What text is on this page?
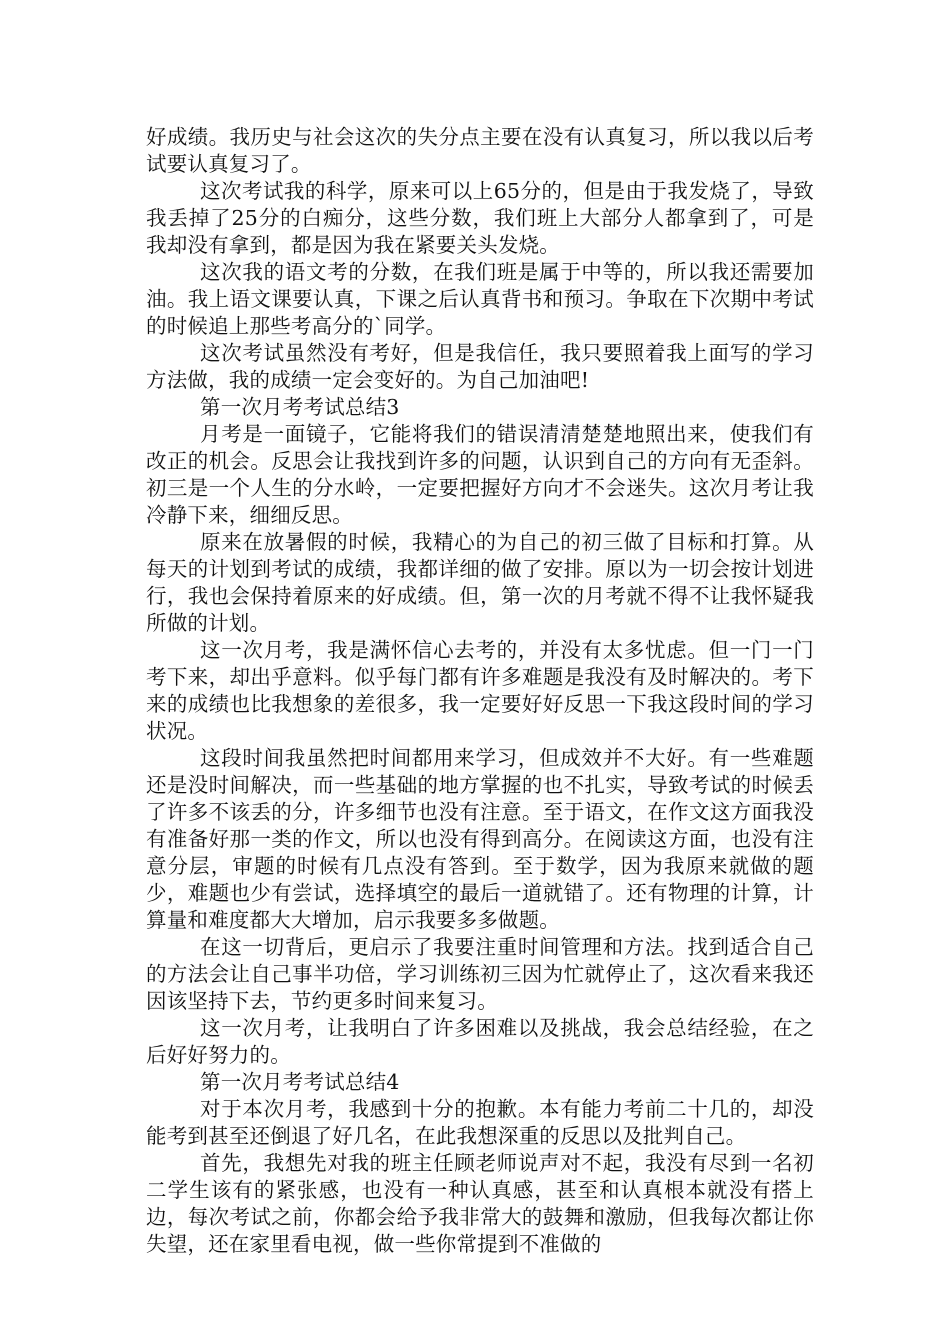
好成绩。我历史与社会这次的失分点主要在没有认真复习，所以我以后考试要认真复习了。

这次考试我的科学，原来可以上65分的，但是由于我发烧了，导致我丢掉了25分的白痴分，这些分数，我们班上大部分人都拿到了，可是我却没有拿到，都是因为我在紧要关头发烧。

这次我的语文考的分数，在我们班是属于中等的，所以我还需要加油。我上语文课要认真，下课之后认真背书和预习。争取在下次期中考试的时候追上那些考高分的`同学。

这次考试虽然没有考好，但是我信任，我只要照着我上面写的学习方法做，我的成绩一定会变好的。为自己加油吧!

第一次月考考试总结3

月考是一面镜子，它能将我们的错误清清楚楚地照出来，使我们有改正的机会。反思会让我找到许多的问题，认识到自己的方向有无歪斜。初三是一个人生的分水岭，一定要把握好方向才不会迷失。这次月考让我冷静下来，细细反思。

原来在放暑假的时候，我精心的为自己的初三做了目标和打算。从每天的计划到考试的成绩，我都详细的做了安排。原以为一切会按计划进行，我也会保持着原来的好成绩。但，第一次的月考就不得不让我怀疑我所做的计划。

这一次月考，我是满怀信心去考的，并没有太多忧虑。但一门一门考下来，却出乎意料。似乎每门都有许多难题是我没有及时解决的。考下来的成绩也比我想象的差很多，我一定要好好反思一下我这段时间的学习状况。

这段时间我虽然把时间都用来学习，但成效并不大好。有一些难题还是没时间解决，而一些基础的地方掌握的也不扎实，导致考试的时候丢了许多不该丢的分，许多细节也没有注意。至于语文，在作文这方面我没有准备好那一类的作文，所以也没有得到高分。在阅读这方面，也没有注意分层，审题的时候有几点没有答到。至于数学，因为我原来就做的题少，难题也少有尝试，选择填空的最后一道就错了。还有物理的计算，计算量和难度都大大增加，启示我要多多做题。

在这一切背后，更启示了我要注重时间管理和方法。找到适合自己的方法会让自己事半功倍，学习训练初三因为忙就停止了，这次看来我还因该坚持下去，节约更多时间来复习。

这一次月考，让我明白了许多困难以及挑战，我会总结经验，在之后好好努力的。

第一次月考考试总结4

对于本次月考，我感到十分的抱歉。本有能力考前二十几的，却没能考到甚至还倒退了好几名，在此我想深重的反思以及批判自己。

首先，我想先对我的班主任顾老师说声对不起，我没有尽到一名初二学生该有的紧张感，也没有一种认真感，甚至和认真根本就没有搭上边，每次考试之前，你都会给予我非常大的鼓舞和激励，但我每次都让你失望，还在家里看电视，做一些你常提到不准做的
